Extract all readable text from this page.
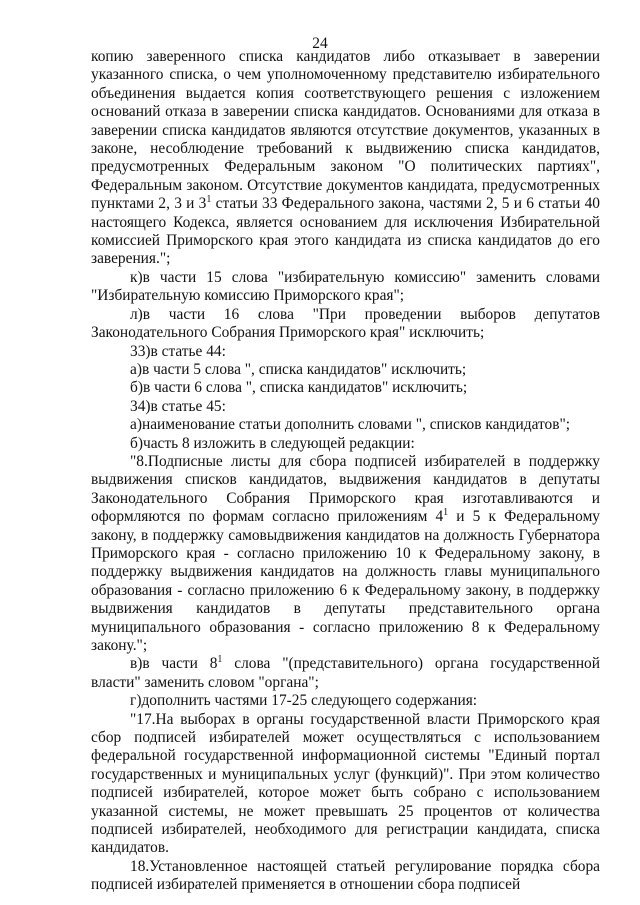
24

копию заверенного списка кандидатов либо отказывает в заверении указанного списка, о чем уполномоченному представителю избирательного объединения выдается копия соответствующего решения с изложением оснований отказа в заверении списка кандидатов. Основаниями для отказа в заверении списка кандидатов являются отсутствие документов, указанных в законе, несоблюдение требований к выдвижению списка кандидатов, предусмотренных Федеральным законом "О политических партиях", Федеральным законом. Отсутствие документов кандидата, предусмотренных пунктами 2, 3 и $3^1$ статьи 33 Федерального закона, частями 2, 5 и 6 статьи 40 настоящего Кодекса, является основанием для исключения Избирательной комиссией Приморского края этого кандидата из списка кандидатов до его заверения.";

к)в части 15 слова "избирательную комиссию" заменить словами "Избирательную комиссию Приморского края";

л)в части 16 слова "При проведении выборов депутатов Законодательного Собрания Приморского края" исключить;

33)в статье 44:

а)в части 5 слова ", списка кандидатов" исключить;

б)в части 6 слова ", списка кандидатов" исключить;

34)в статье 45:

а)наименование статьи дополнить словами ", списков кандидатов";

б)часть 8 изложить в следующей редакции:

"8.Подписные листы для сбора подписей избирателей в поддержку выдвижения списков кандидатов, выдвижения кандидатов в депутаты Законодательного Собрания Приморского края изготавливаются и оформляются по формам согласно приложениям $4^1$ и 5 к Федеральному закону, в поддержку самовыдвижения кандидатов на должность Губернатора Приморского края - согласно приложению 10 к Федеральному закону, в поддержку выдвижения кандидатов на должность главы муниципального образования - согласно приложению 6 к Федеральному закону, в поддержку выдвижения кандидатов в депутаты представительного органа муниципального образования - согласно приложению 8 к Федеральному закону.";

в)в части $8^1$ слова "(представительного) органа государственной власти" заменить словом "органа";

г)дополнить частями 17-25 следующего содержания:

"17.На выборах в органы государственной власти Приморского края сбор подписей избирателей может осуществляться с использованием федеральной государственной информационной системы "Единый портал государственных и муниципальных услуг (функций)". При этом количество подписей избирателей, которое может быть собрано с использованием указанной системы, не может превышать 25 процентов от количества подписей избирателей, необходимого для регистрации кандидата, списка кандидатов.

18.Установленное настоящей статьей регулирование порядка сбора подписей избирателей применяется в отношении сбора подписей
